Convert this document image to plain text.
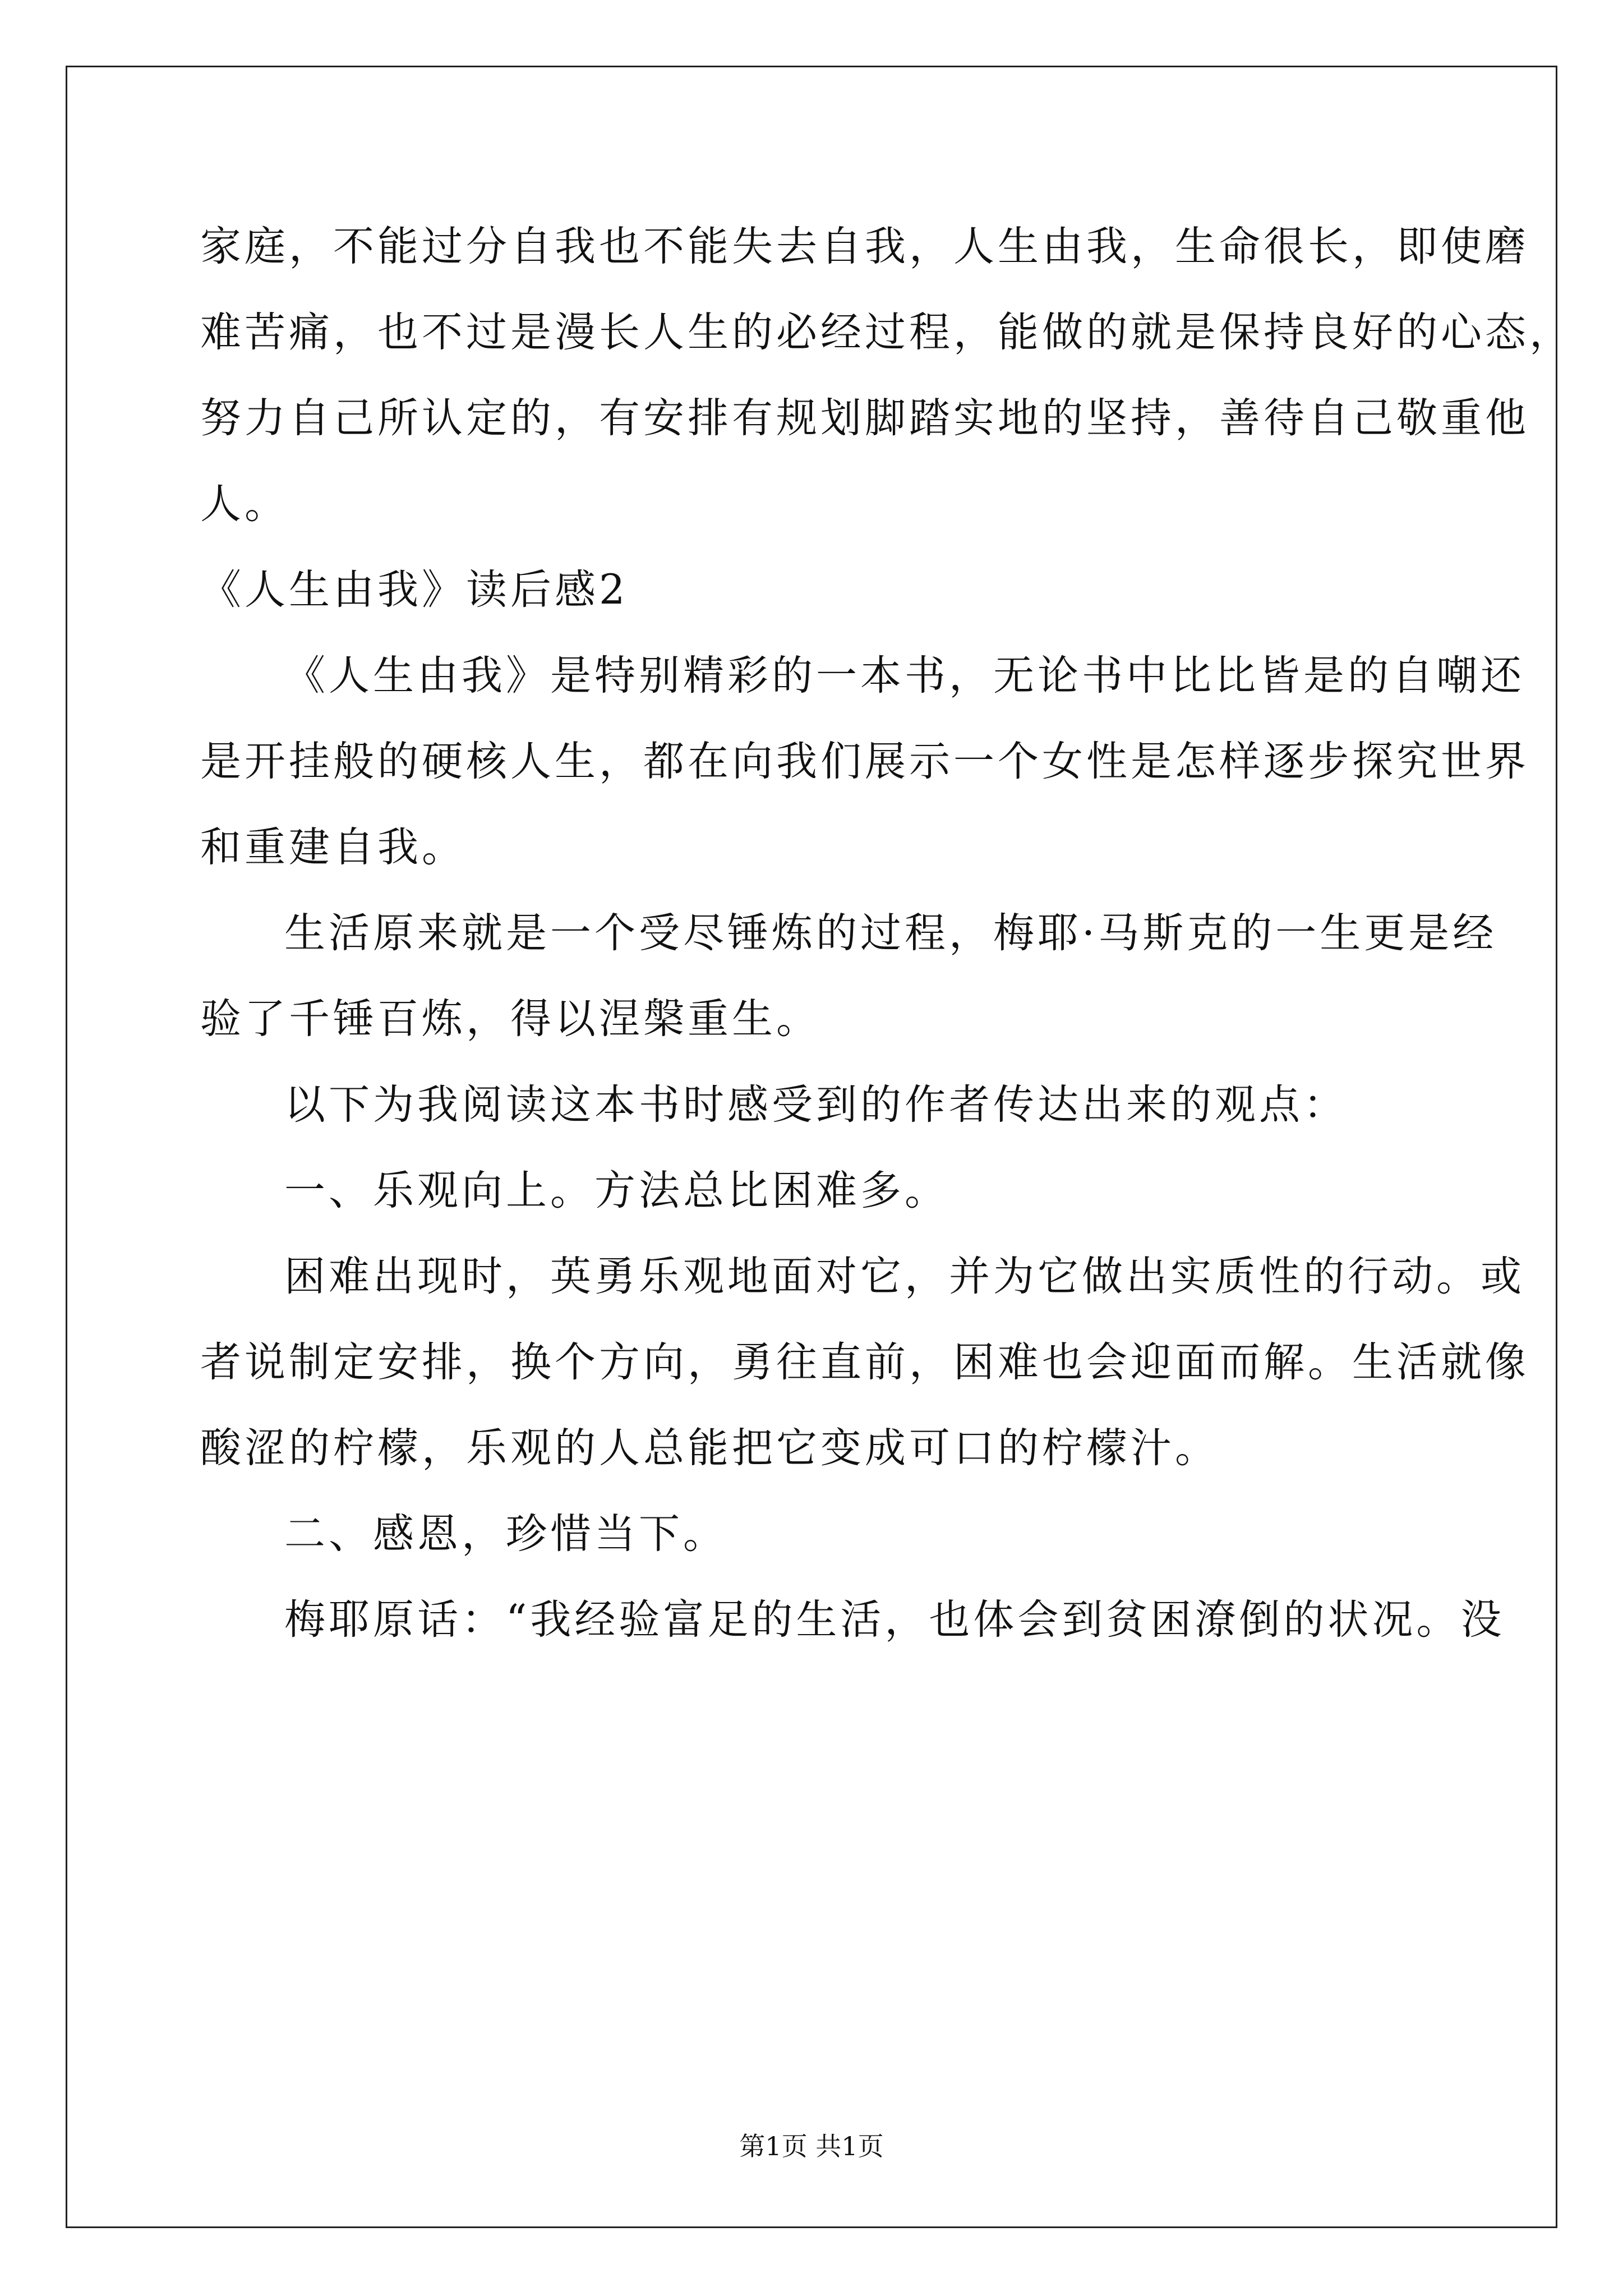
家庭，不能过分自我也不能失去自我，人生由我，生命很长，即使磨
难苦痛，也不过是漫长人生的必经过程，能做的就是保持良好的心态，
努力自己所认定的，有安排有规划脚踏实地的坚持，善待自己敬重他
人。
《人生由我》读后感2
《人生由我》是特别精彩的一本书，无论书中比比皆是的自嘲还
是开挂般的硬核人生，都在向我们展示一个女性是怎样逐步探究世界
和重建自我。
生活原来就是一个受尽锤炼的过程，梅耶·马斯克的一生更是经
验了千锤百炼，得以涅槃重生。
以下为我阅读这本书时感受到的作者传达出来的观点：
一、乐观向上。方法总比困难多。
困难出现时，英勇乐观地面对它，并为它做出实质性的行动。或
者说制定安排，换个方向，勇往直前，困难也会迎面而解。生活就像
酸涩的柠檬，乐观的人总能把它变成可口的柠檬汁。
二、感恩，珍惜当下。
梅耶原话：“我经验富足的生活，也体会到贫困潦倒的状况。没
第1页 共1页
